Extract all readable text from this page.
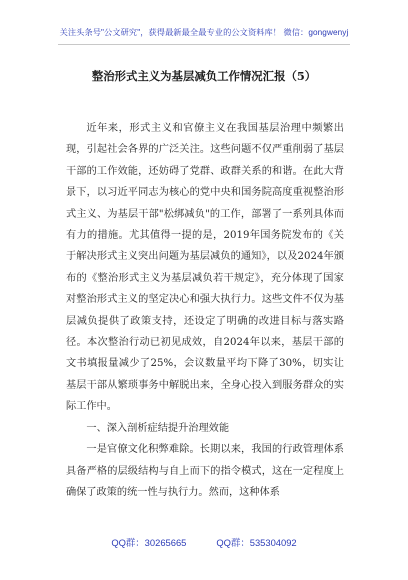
关注头条号"公文研究"，获得最新最全最专业的公文资料库！ 微信：gongwenyj
整治形式主义为基层减负工作情况汇报（5）

近年来，形式主义和官僚主义在我国基层治理中频繁出现，引起社会各界的广泛关注。这些问题不仅严重削弱了基层干部的工作效能，还妨碍了党群、政群关系的和谐。在此大背景下，以习近平同志为核心的党中央和国务院高度重视整治形式主义、为基层干部"松绑减负"的工作，部署了一系列具体而有力的措施。尤其值得一提的是，2019年国务院发布的《关于解决形式主义突出问题为基层减负的通知》，以及2024年颁布的《整治形式主义为基层减负若干规定》，充分体现了国家对整治形式主义的坚定决心和强大执行力。这些文件不仅为基层减负提供了政策支持，还设定了明确的改进目标与落实路径。本次整治行动已初见成效，自2024年以来，基层干部的文书填报量减少了25%，会议数量平均下降了30%，切实让基层干部从繁琐事务中解脱出来，全身心投入到服务群众的实际工作中。

一、深入剖析症结提升治理效能

一是官僚文化积弊难除。长期以来，我国的行政管理体系具备严格的层级结构与自上而下的指令模式，这在一定程度上确保了政策的统一性与执行力。然而，这种体系

QQ群：30265665	QQ群：535304092
